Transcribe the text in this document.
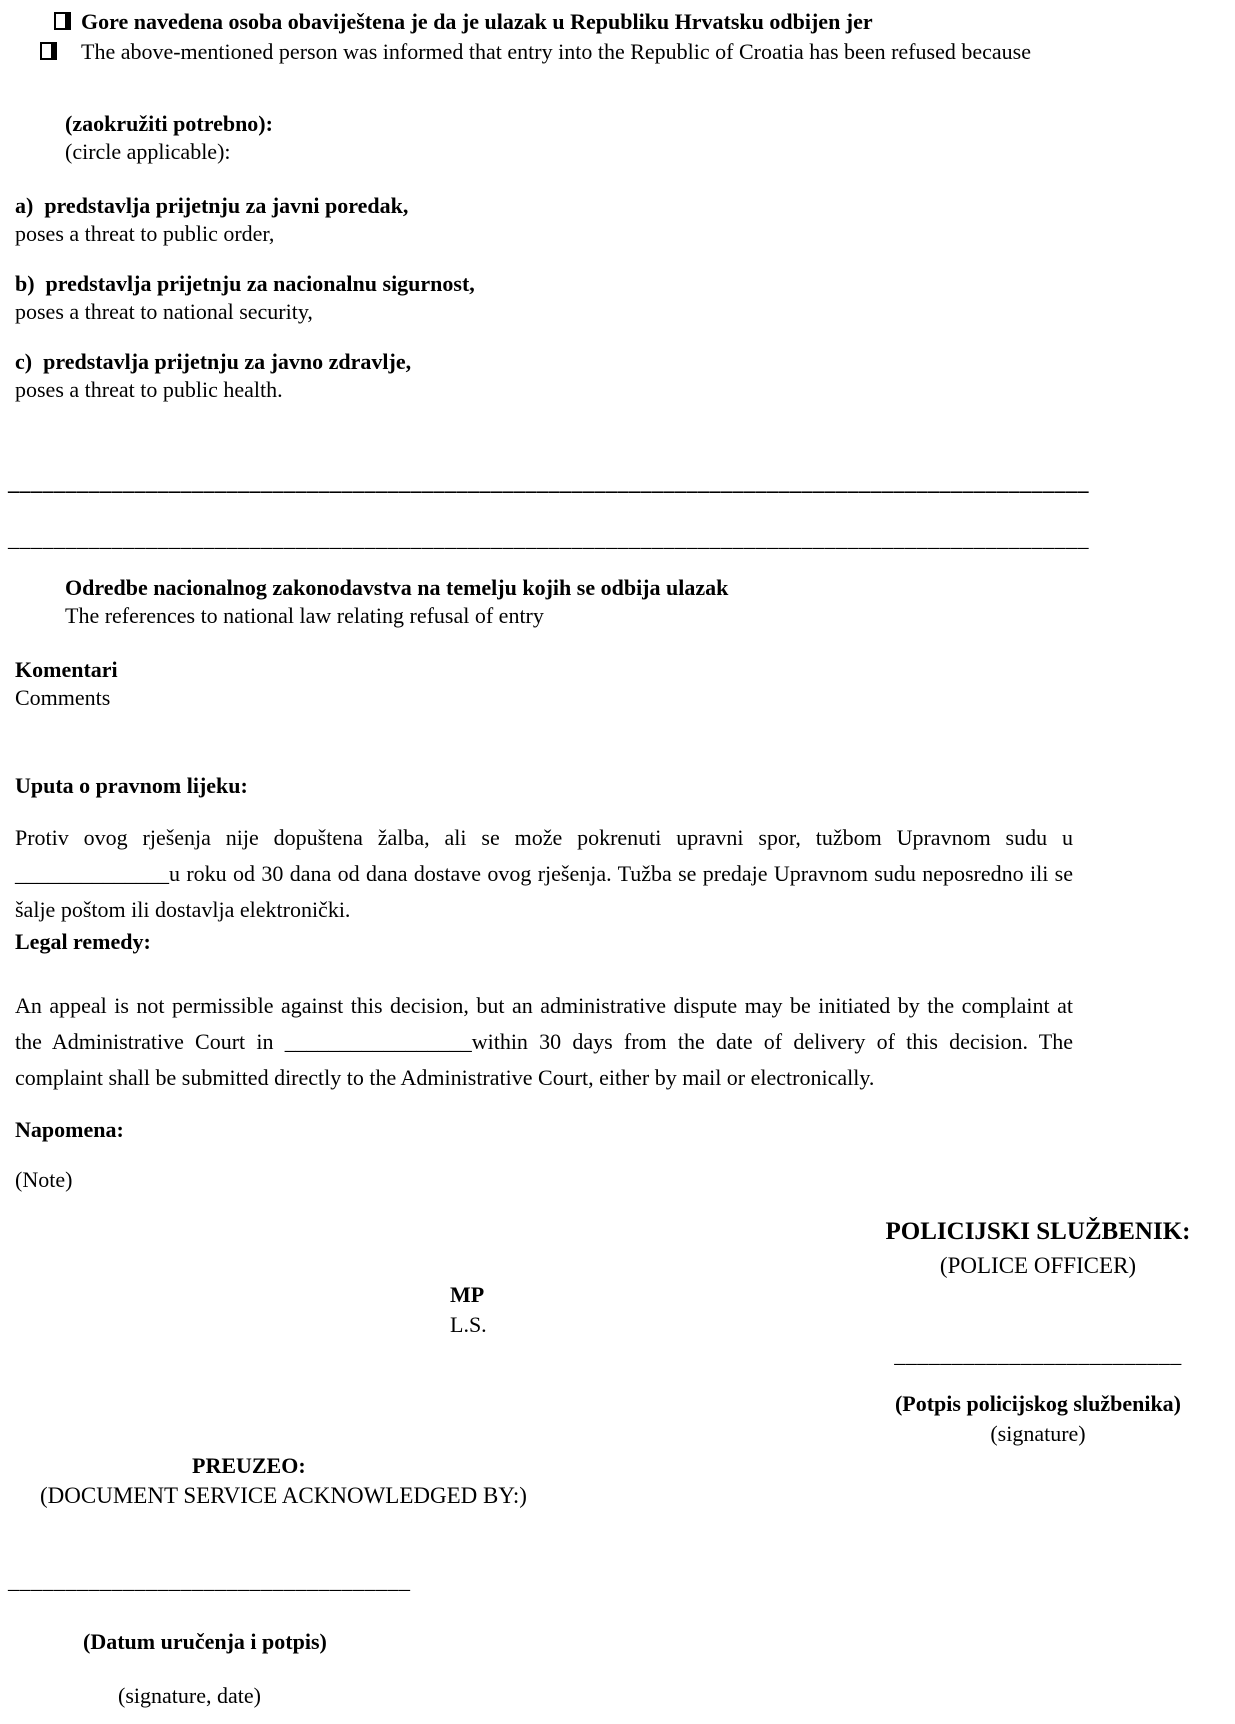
Gore navedena osoba obaviještena je da je ulazak u Republiku Hrvatsku odbijen jer
The above-mentioned person was informed that entry into the Republic of Croatia has been refused because
(zaokružiti potrebno):
(circle applicable):
a)  predstavlja prijetnju za javni poredak,
poses a threat to public order,
b)  predstavlja prijetnju za nacionalnu sigurnost,
poses a threat to national security,
c)  predstavlja prijetnju za javno zdravlje,
poses a threat to public health.
______________________________________________________________________________________________
______________________________________________________________________________________________
Odredbe nacionalnog zakonodavstva na temelju kojih se odbija ulazak
The references to national law relating refusal of entry
Komentari
Comments
Uputa o pravnom lijeku:
Protiv ovog rješenja nije dopuštena žalba, ali se može pokrenuti upravni spor, tužbom Upravnom sudu u
______________u roku od 30 dana od dana dostave ovog rješenja. Tužba se predaje Upravnom sudu neposredno ili se
šalje poštom ili dostavlja elektronički.
Legal remedy:
An appeal is not permissible against this decision, but an administrative dispute may be initiated by the complaint at
the Administrative Court in _________________within 30 days from the date of delivery of this decision. The
complaint shall be submitted directly to the Administrative Court, either by mail or electronically.
Napomena:
(Note)
POLICIJSKI SLUŽBENIK:
(POLICE OFFICER)
MP
L.S.
_________________________
(Potpis policijskog službenika)
(signature)
PREUZEO:
(DOCUMENT SERVICE ACKNOWLEDGED BY:)
___________________________________
(Datum uručenja i potpis)
(signature, date)
